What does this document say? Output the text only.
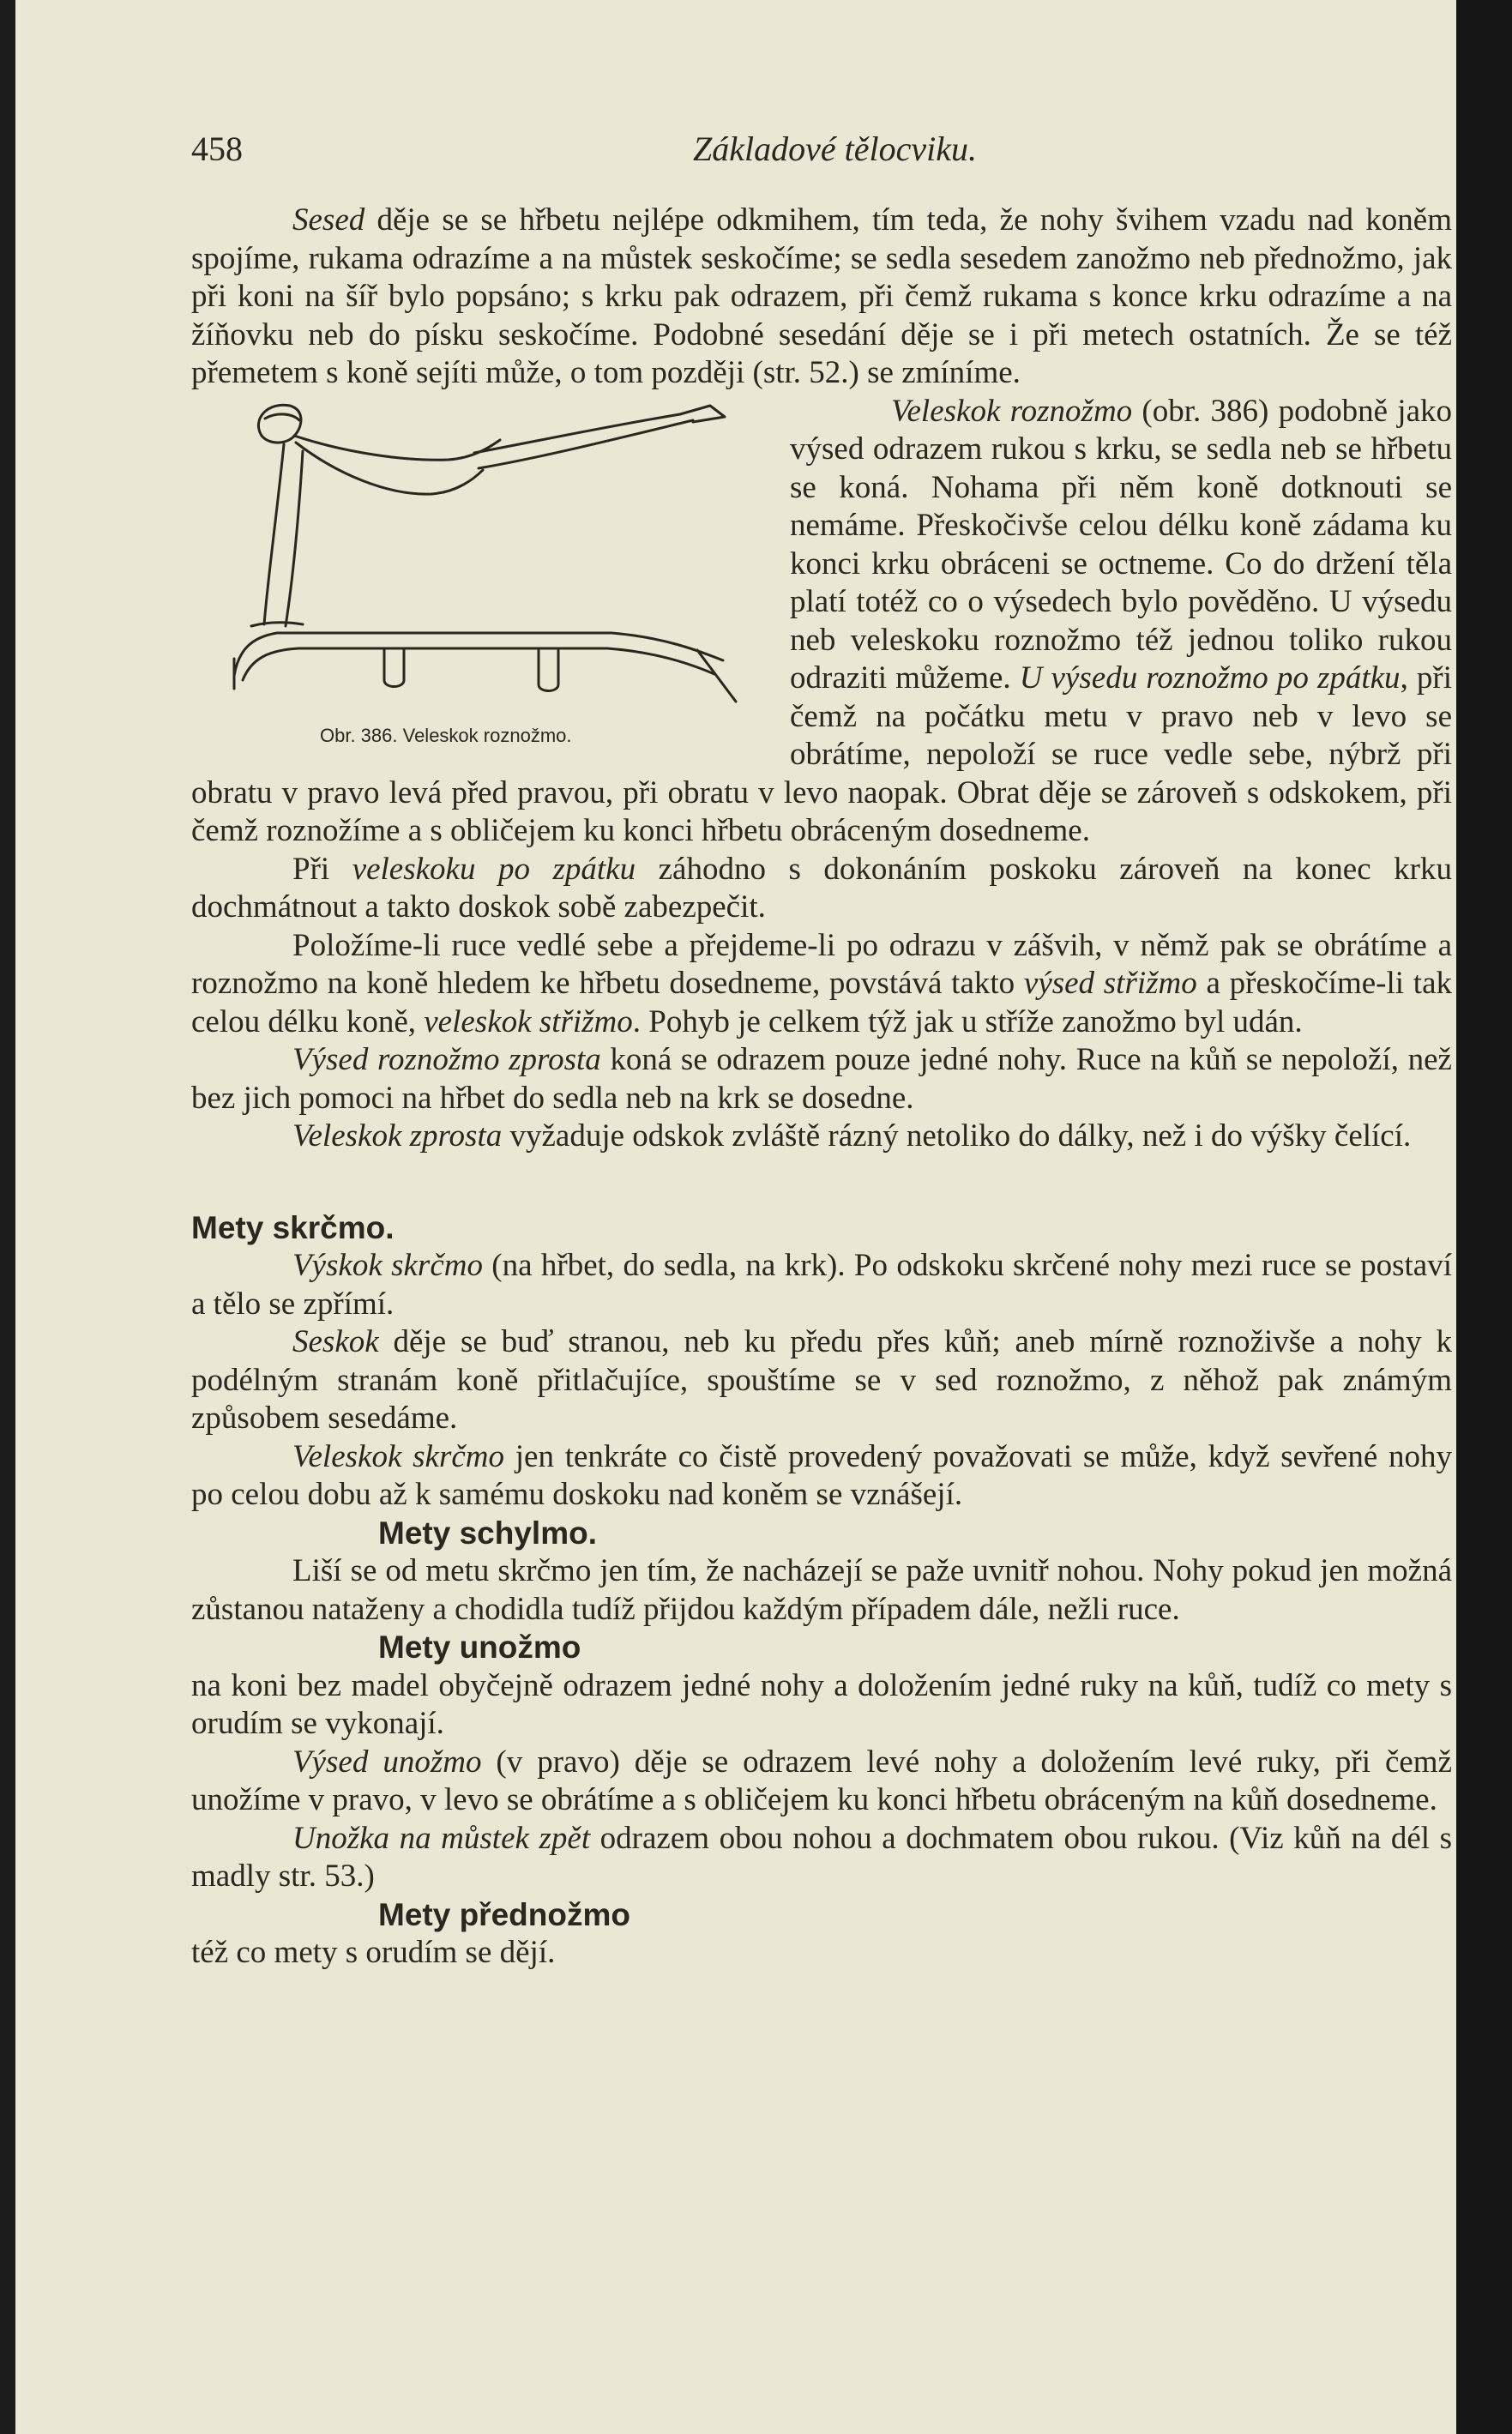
458	Základové tělocviku.

Sesed děje se se hřbetu nejlépe odkmihem, tím teda, že nohy švihem vzadu nad koněm spojíme, rukama odrazíme a na můstek seskočíme; se sedla sesedem zanožmo neb přednožmo, jak při koni na šíř bylo popsáno; s krku pak odrazem, při čemž rukama s konce krku odrazíme a na žíňovku neb do písku seskočíme. Podobné sesedání děje se i při metech ostatních. Že se též přemetem s koně sejíti může, o tom později (str. 52.) se zmíníme.

Obr. 386. Veleskok roznožmo.

Veleskok roznožmo (obr. 386) podobně jako výsed odrazem rukou s krku, se sedla neb se hřbetu se koná. Nohama při něm koně dotknouti se nemáme. Přeskočivše celou délku koně zádama ku konci krku obráceni se octneme. Co do držení těla platí totéž co o výsedech bylo pověděno. U výsedu neb veleskoku roznožmo též jednou toliko rukou odraziti můžeme. U výsedu roznožmo po zpátku, při čemž na počátku metu v pravo neb v levo se obrátíme, nepoloží se ruce vedle sebe, nýbrž při obratu v pravo levá před pravou, při obratu v levo naopak. Obrat děje se zároveň s odskokem, při čemž roznožíme a s obličejem ku konci hřbetu obráceným dosedneme.

Při veleskoku po zpátku záhodno s dokonáním poskoku zároveň na konec krku dochmátnout a takto doskok sobě zabezpečit.

Položíme-li ruce vedlé sebe a přejdeme-li po odrazu v zášvih, v němž pak se obrátíme a roznožmo na koně hledem ke hřbetu dosedneme, povstává takto výsed střižmo a přeskočíme-li tak celou délku koně, veleskok střižmo. Pohyb je celkem týž jak u stříže zanožmo byl udán.

Výsed roznožmo zprosta koná se odrazem pouze jedné nohy. Ruce na kůň se nepoloží, než bez jich pomoci na hřbet do sedla neb na krk se dosedne.

Veleskok zprosta vyžaduje odskok zvláště rázný netoliko do dálky, než i do výšky čelící.

Mety skrčmo.

Výskok skrčmo (na hřbet, do sedla, na krk). Po odskoku skrčené nohy mezi ruce se postaví a tělo se zpřímí.

Seskok děje se buď stranou, neb ku předu přes kůň; aneb mírně roznoživše a nohy k podélným stranám koně přitlačujíce, spouštíme se v sed roznožmo, z něhož pak známým způsobem sesedáme.

Veleskok skrčmo jen tenkráte co čistě provedený považovati se může, když sevřené nohy po celou dobu až k samému doskoku nad koněm se vznášejí.

Mety schylmo.

Liší se od metu skrčmo jen tím, že nacházejí se paže uvnitř nohou. Nohy pokud jen možná zůstanou nataženy a chodidla tudíž přijdou každým případem dále, nežli ruce.

Mety unožmo

na koni bez madel obyčejně odrazem jedné nohy a doložením jedné ruky na kůň, tudíž co mety s orudím se vykonají.

Výsed unožmo (v pravo) děje se odrazem levé nohy a doložením levé ruky, při čemž unožíme v pravo, v levo se obrátíme a s obličejem ku konci hřbetu obráceným na kůň dosedneme.

Unožka na můstek zpět odrazem obou nohou a dochmatem obou rukou. (Viz kůň na dél s madly str. 53.)

Mety přednožmo

též co mety s orudím se dějí.
